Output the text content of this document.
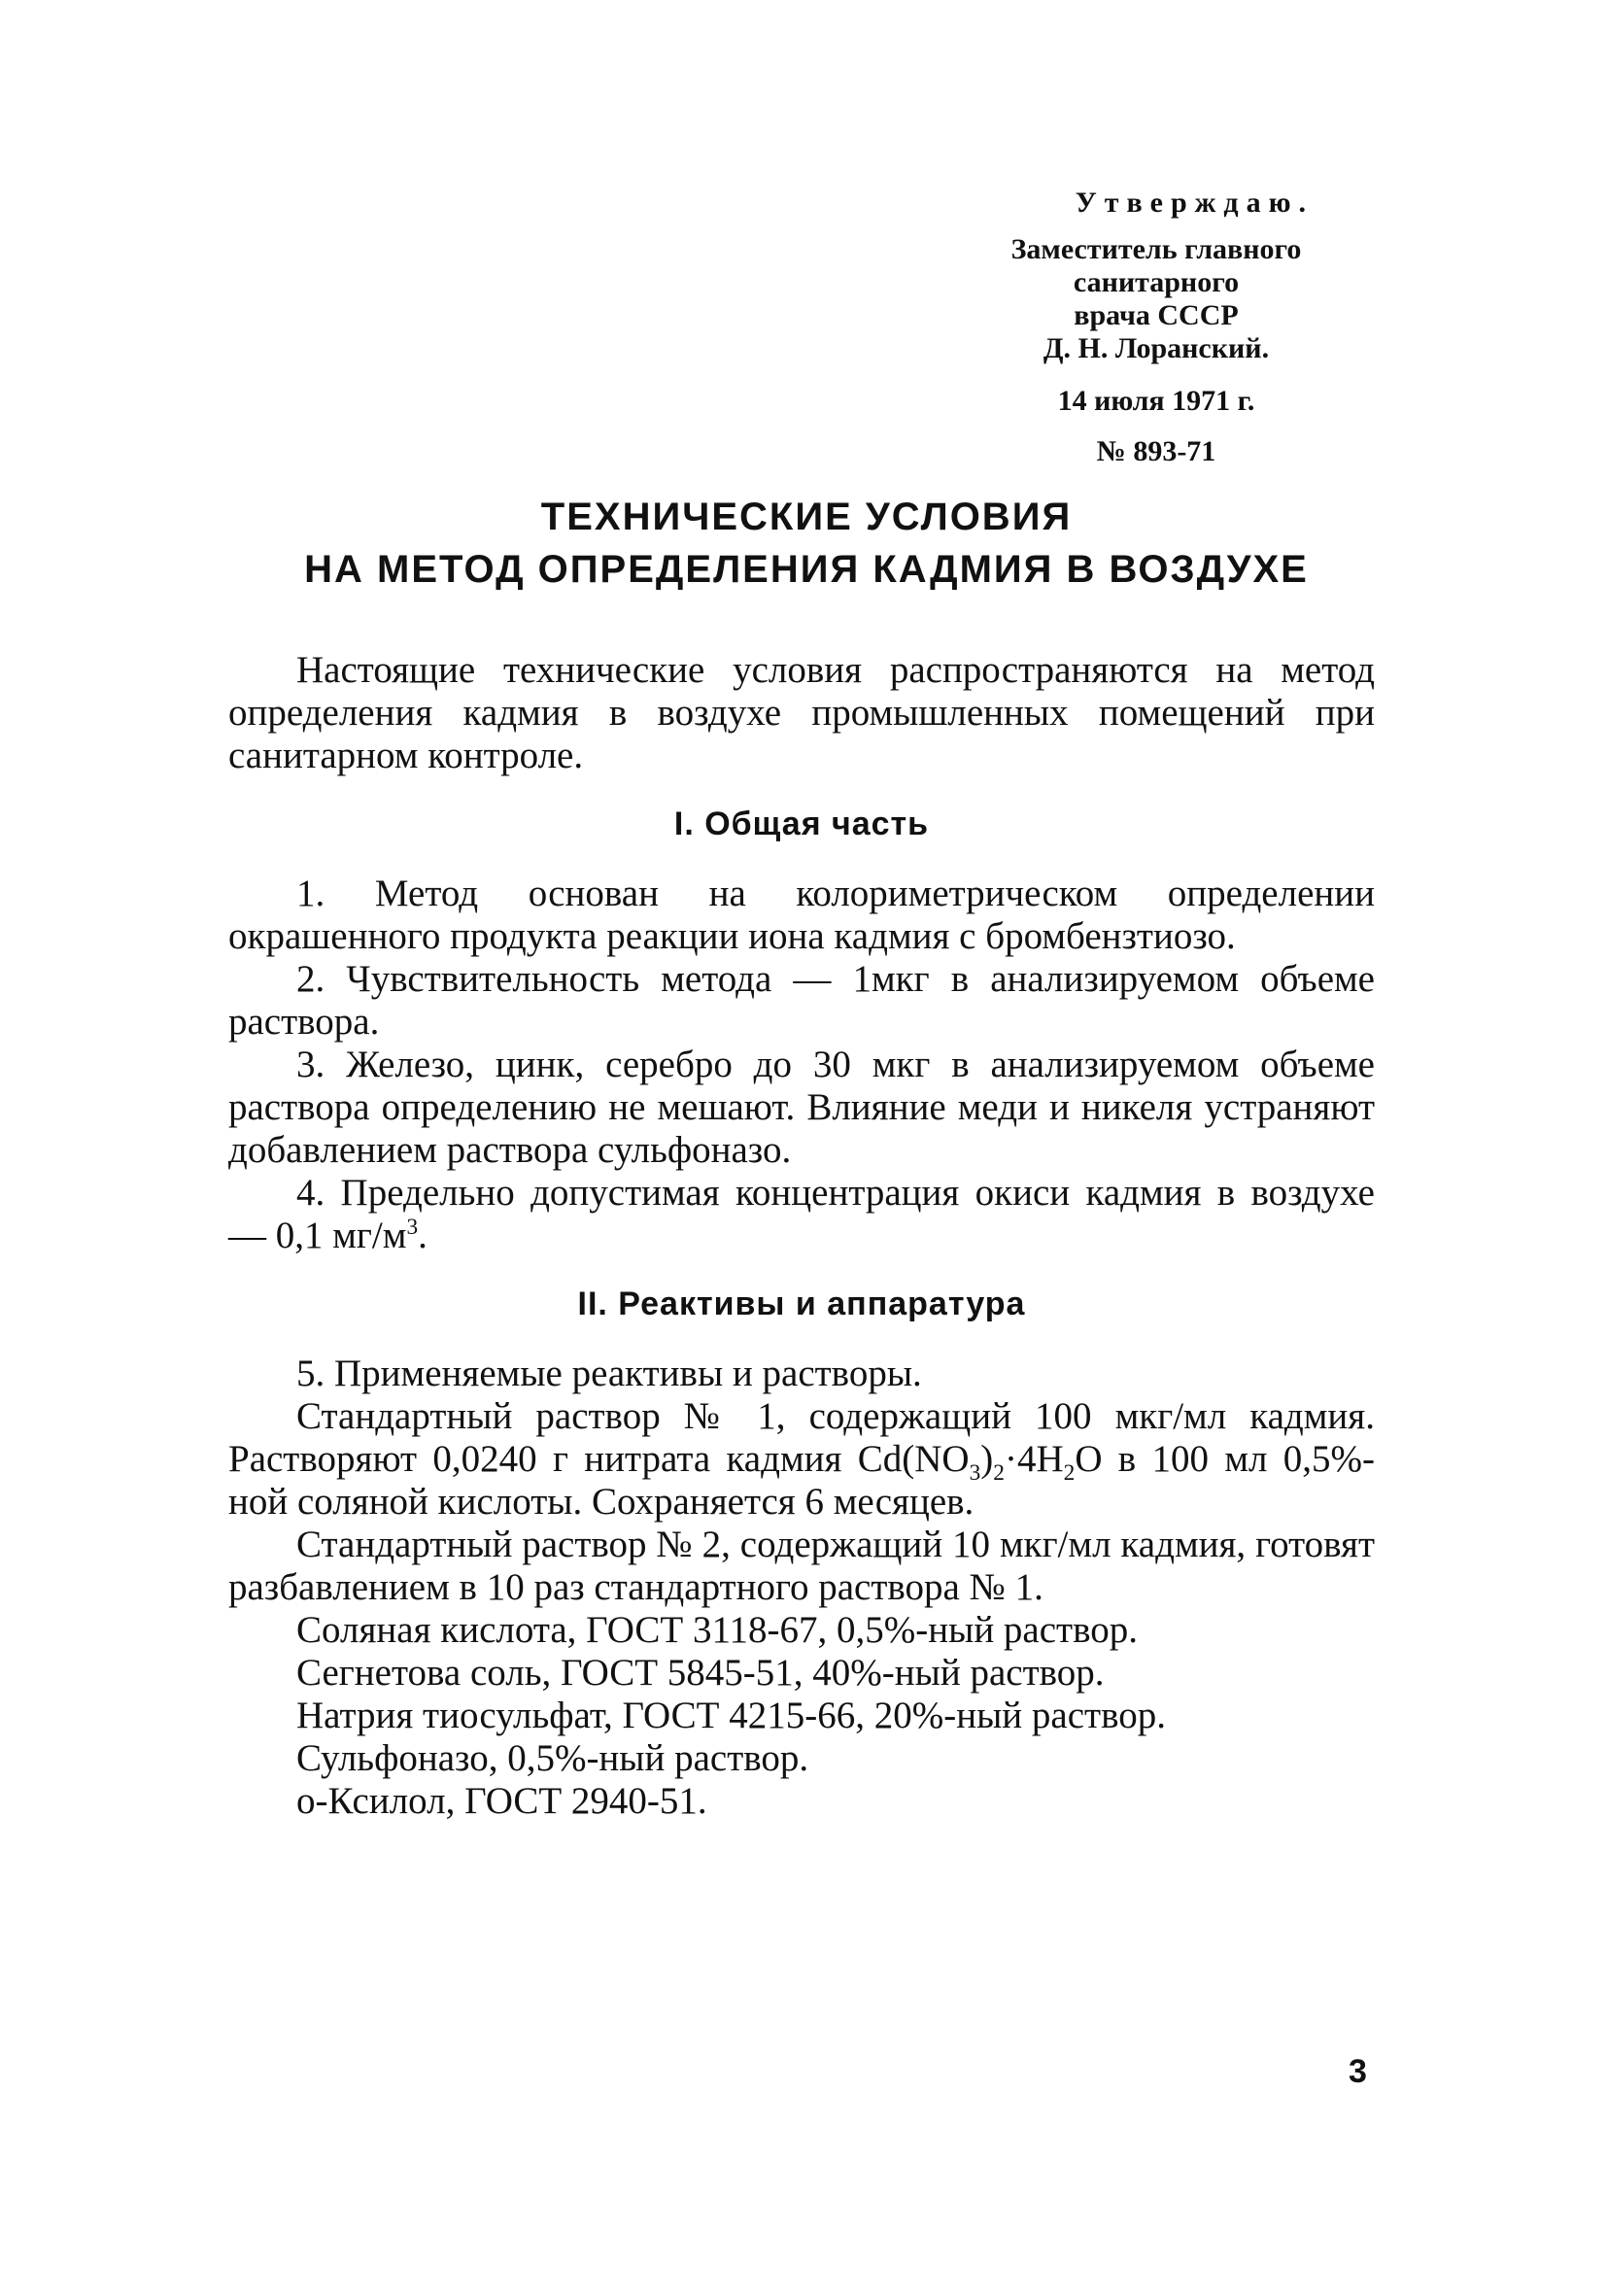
Утверждаю.
Заместитель главного
санитарного
врача СССР
Д. Н. Лоранский.
14 июля 1971 г.
№ 893-71
ТЕХНИЧЕСКИЕ УСЛОВИЯ
НА МЕТОД ОПРЕДЕЛЕНИЯ КАДМИЯ В ВОЗДУХЕ

Настоящие технические условия распространяются на метод определения кадмия в воздухе промышленных помещений при санитарном контроле.

I. Общая часть

1. Метод основан на колориметрическом определении окрашенного продукта реакции иона кадмия с бромбензтиозо.

2. Чувствительность метода — 1мкг в анализируемом объеме раствора.

3. Железо, цинк, серебро до 30 мкг в анализируемом объеме раствора определению не мешают. Влияние меди и никеля устраняют добавлением раствора сульфоназо.

4. Предельно допустимая концентрация окиси кадмия в воздухе — 0,1 $мг/м^3$.

II. Реактивы и аппаратура

5. Применяемые реактивы и растворы.

Стандартный раствор № 1, содержащий 100 мкг/мл кадмия. Растворяют 0,0240 г нитрата кадмия $Cd(NO_3)_2\cdot 4H_2O$ в 100 мл 0,5%-ной соляной кислоты. Сохраняется 6 месяцев.

Стандартный раствор № 2, содержащий 10 мкг/мл кадмия, готовят разбавлением в 10 раз стандартного раствора № 1.

Соляная кислота, ГОСТ 3118-67, 0,5%-ный раствор.

Сегнетова соль, ГОСТ 5845-51, 40%-ный раствор.

Натрия тиосульфат, ГОСТ 4215-66, 20%-ный раствор.

Сульфоназо, 0,5%-ный раствор.

о-Ксилол, ГОСТ 2940-51.

3
